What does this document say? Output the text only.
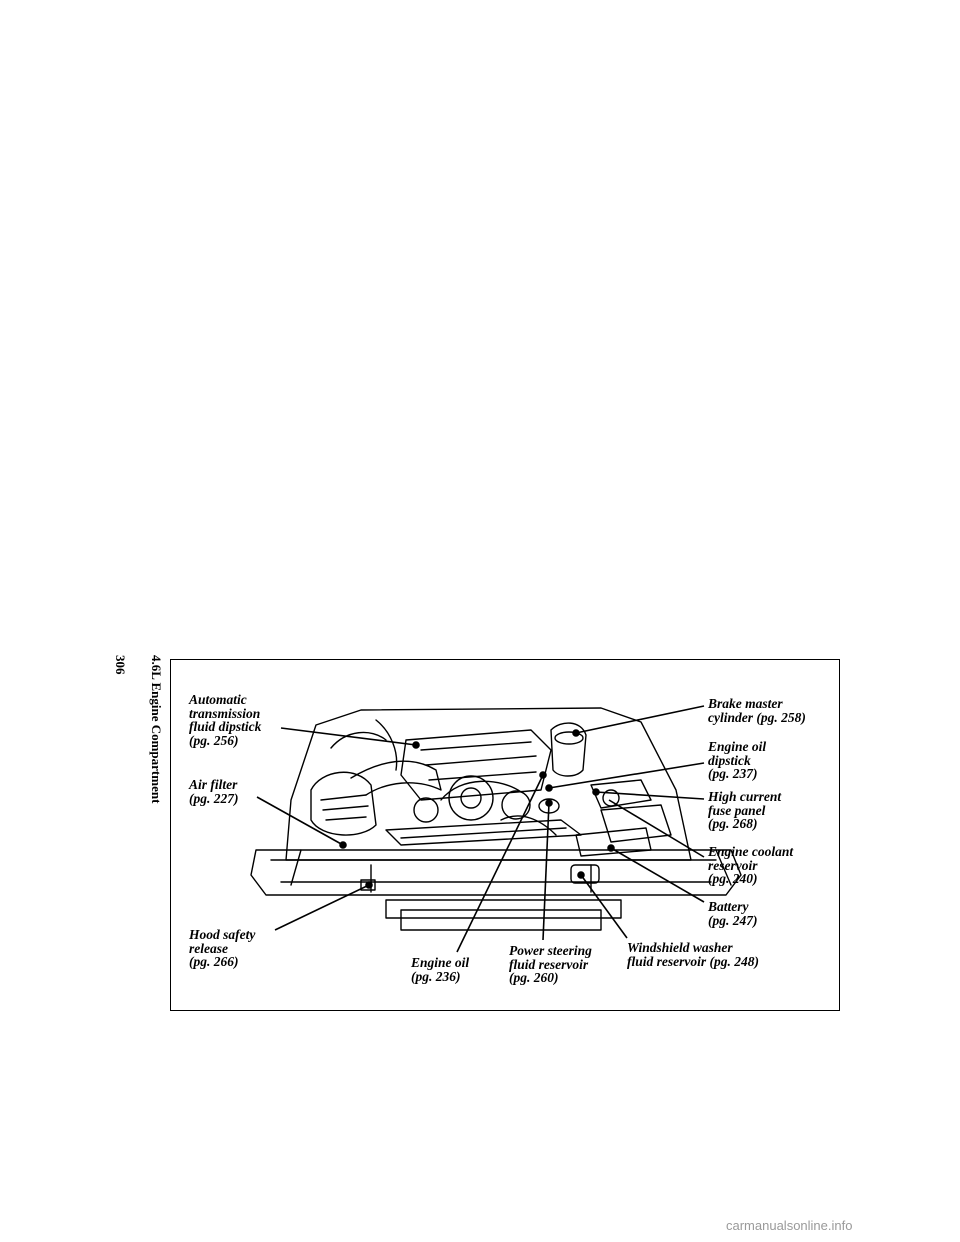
306 4.6L Engine Compartment Automatic
transmission
fluid dipstick
(pg. 256)
Air filter
(pg. 227)
Hood safety
release
(pg. 266)	Engine oil
(pg. 236)
Power steering
fluid reservoir
(pg. 260)
Windshield washer
fluid reservoir (pg. 248)
Brake master
cylinder (pg. 258)
Engine oil
dipstick
(pg. 237)
High current
fuse panel
(pg. 268)
Engine coolant
reservoir
(pg. 240)
Battery
(pg. 247)
carmanualsonline.info
